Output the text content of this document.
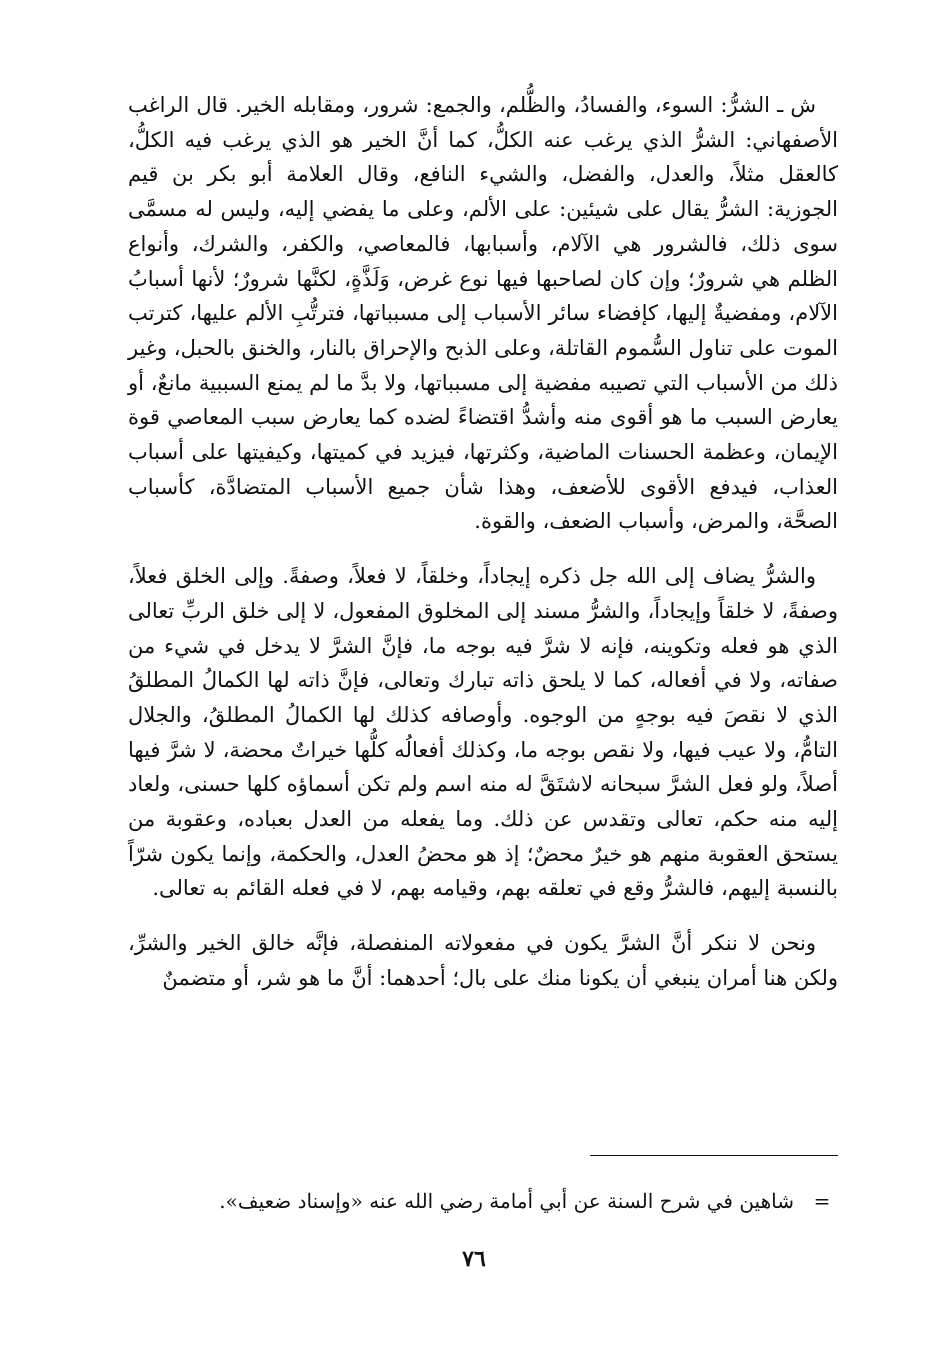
ش ـ الشرُّ: السوء، والفسادُ، والظُّلم، والجمع: شرور، ومقابله الخير. قال الراغب الأصفهاني: الشرُّ الذي يرغب عنه الكلُّ، كما أنَّ الخير هو الذي يرغب فيه الكلُّ، كالعقل مثلاً، والعدل، والفضل، والشيء النافع، وقال العلامة أبو بكر بن قيم الجوزية: الشرُّ يقال على شيئين: على الألم، وعلى ما يفضي إليه، وليس له مسمَّى سوى ذلك، فالشرور هي الآلام، وأسبابها، فالمعاصي، والكفر، والشرك، وأنواع الظلم هي شرورٌ؛ وإن كان لصاحبها فيها نوع غرض، وَلَذَّةٍ، لكنَّها شرورٌ؛ لأنها أسبابُ الآلام، ومفضيةٌ إليها، كإفضاء سائر الأسباب إلى مسبباتها، فترتُّبِ الألم عليها، كترتب الموت على تناول السُّموم القاتلة، وعلى الذبح والإحراق بالنار، والخنق بالحبل، وغير ذلك من الأسباب التي تصيبه مفضية إلى مسبباتها، ولا بدَّ ما لم يمنع السببية مانعٌ، أو يعارض السبب ما هو أقوى منه وأشدُّ اقتضاءً لضده كما يعارض سبب المعاصي قوة الإيمان، وعظمة الحسنات الماضية، وكثرتها، فيزيد في كميتها، وكيفيتها على أسباب العذاب، فيدفع الأقوى للأضعف، وهذا شأن جميع الأسباب المتضادَّة، كأسباب الصحَّة، والمرض، وأسباب الضعف، والقوة.

والشرُّ يضاف إلى الله جل ذكره إيجاداً، وخلقاً، لا فعلاً، وصفةً. وإلى الخلق فعلاً، وصفةً، لا خلقاً وإيجاداً، والشرُّ مسند إلى المخلوق المفعول، لا إلى خلق الربِّ تعالى الذي هو فعله وتكوينه، فإنه لا شرَّ فيه بوجه ما، فإنَّ الشرَّ لا يدخل في شيء من صفاته، ولا في أفعاله، كما لا يلحق ذاته تبارك وتعالى، فإنَّ ذاته لها الكمالُ المطلقُ الذي لا نقصَ فيه بوجهٍ من الوجوه. وأوصافه كذلك لها الكمالُ المطلقُ، والجلال التامُّ، ولا عيب فيها، ولا نقص بوجه ما، وكذلك أفعالُه كلُّها خيراتٌ محضة، لا شرَّ فيها أصلاً، ولو فعل الشرَّ سبحانه لاشتَقَّ له منه اسم ولم تكن أسماؤه كلها حسنى، ولعاد إليه منه حكم، تعالى وتقدس عن ذلك. وما يفعله من العدل بعباده، وعقوبة من يستحق العقوبة منهم هو خيرٌ محضٌ؛ إذ هو محضُ العدل، والحكمة، وإنما يكون شرّاً بالنسبة إليهم، فالشرُّ وقع في تعلقه بهم، وقيامه بهم، لا في فعله القائم به تعالى.

ونحن لا ننكر أنَّ الشرَّ يكون في مفعولاته المنفصلة، فإنَّه خالق الخير والشرِّ، ولكن هنا أمران ينبغي أن يكونا منك على بال؛ أحدهما: أنَّ ما هو شر، أو متضمنٌ

=شاهين في شرح السنة عن أبي أمامة رضي الله عنه «وإسناد ضعيف».
٧٦
